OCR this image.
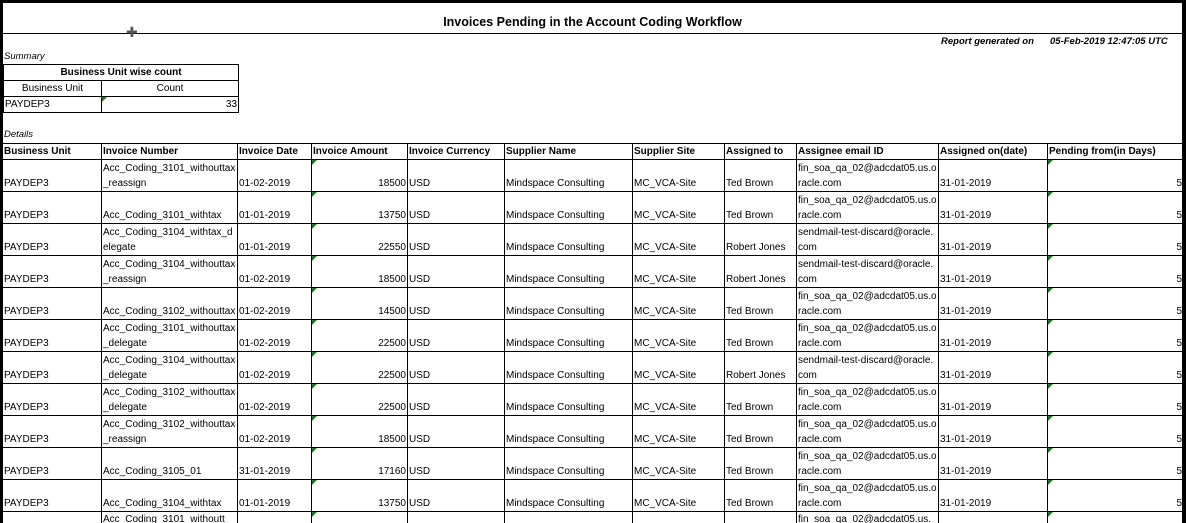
Invoices Pending in the Account Coding Workflow
✚
Report generated on 05-Feb-2019 12:47:05 UTC
Summary
Business Unit wise count	
Business Unit	Count
PAYDEP3	33
Details
Business Unit	Invoice Number	Invoice Date	Invoice Amount	Invoice Currency	Supplier Name	Supplier Site	Assigned to	Assignee email ID	Assigned on(date)	Pending from(in Days)
PAYDEP3	Acc_Coding_3101_withouttax_reassign	01-02-2019	18500	USD	Mindspace Consulting	MC_VCA-Site	Ted Brown	fin_soa_qa_02@adcdat05.us.oracle.com	31-01-2019	5
PAYDEP3	Acc_Coding_3101_withtax	01-01-2019	13750	USD	Mindspace Consulting	MC_VCA-Site	Ted Brown	fin_soa_qa_02@adcdat05.us.oracle.com	31-01-2019	5
PAYDEP3	Acc_Coding_3104_withtax_delegate	01-01-2019	22550	USD	Mindspace Consulting	MC_VCA-Site	Robert Jones	sendmail-test-discard@oracle.com	31-01-2019	5
PAYDEP3	Acc_Coding_3104_withouttax_reassign	01-02-2019	18500	USD	Mindspace Consulting	MC_VCA-Site	Robert Jones	sendmail-test-discard@oracle.com	31-01-2019	5
PAYDEP3	Acc_Coding_3102_withouttax	01-02-2019	14500	USD	Mindspace Consulting	MC_VCA-Site	Ted Brown	fin_soa_qa_02@adcdat05.us.oracle.com	31-01-2019	5
PAYDEP3	Acc_Coding_3101_withouttax_delegate	01-02-2019	22500	USD	Mindspace Consulting	MC_VCA-Site	Ted Brown	fin_soa_qa_02@adcdat05.us.oracle.com	31-01-2019	5
PAYDEP3	Acc_Coding_3104_withouttax_delegate	01-02-2019	22500	USD	Mindspace Consulting	MC_VCA-Site	Robert Jones	sendmail-test-discard@oracle.com	31-01-2019	5
PAYDEP3	Acc_Coding_3102_withouttax_delegate	01-02-2019	22500	USD	Mindspace Consulting	MC_VCA-Site	Ted Brown	fin_soa_qa_02@adcdat05.us.oracle.com	31-01-2019	5
PAYDEP3	Acc_Coding_3102_withouttax_reassign	01-02-2019	18500	USD	Mindspace Consulting	MC_VCA-Site	Ted Brown	fin_soa_qa_02@adcdat05.us.oracle.com	31-01-2019	5
PAYDEP3	Acc_Coding_3105_01	31-01-2019	17160	USD	Mindspace Consulting	MC_VCA-Site	Ted Brown	fin_soa_qa_02@adcdat05.us.oracle.com	31-01-2019	5
PAYDEP3	Acc_Coding_3104_withtax	01-01-2019	13750	USD	Mindspace Consulting	MC_VCA-Site	Ted Brown	fin_soa_qa_02@adcdat05.us.oracle.com	31-01-2019	5
	Acc_Coding_3101_withoutt							fin_soa_qa_02@adcdat05.us.		
